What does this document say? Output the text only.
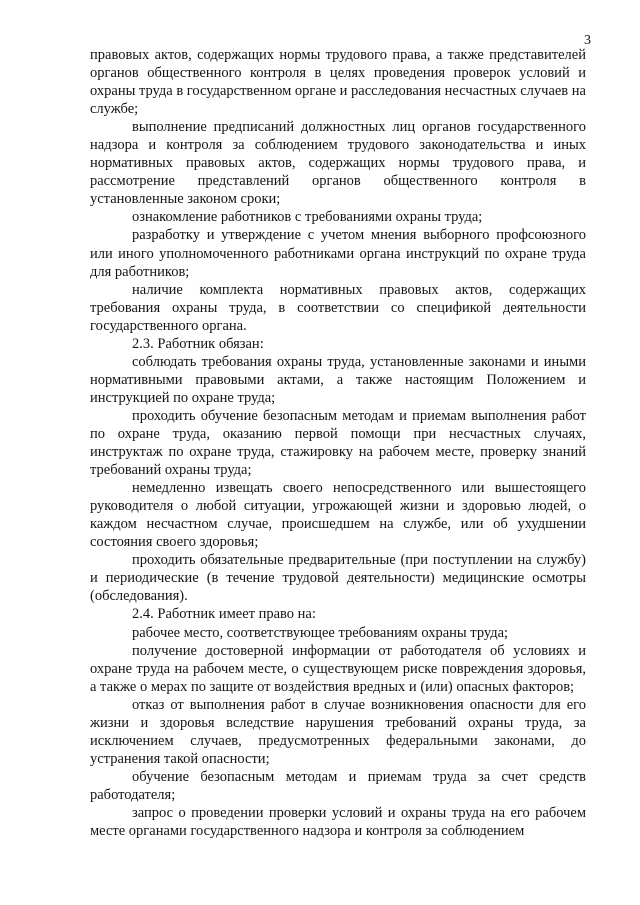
3

правовых актов, содержащих нормы трудового права, а также представителей органов общественного контроля в целях проведения проверок условий и охраны труда в государственном органе и расследования несчастных случаев на службе;

выполнение предписаний должностных лиц органов государственного надзора и контроля за соблюдением трудового законодательства и иных нормативных правовых актов, содержащих нормы трудового права, и рассмотрение представлений органов общественного контроля в установленные законом сроки;

ознакомление работников с требованиями охраны труда;

разработку и утверждение с учетом мнения выборного профсоюзного или иного уполномоченного работниками органа инструкций по охране труда для работников;

наличие комплекта нормативных правовых актов, содержащих требования охраны труда, в соответствии со спецификой деятельности государственного органа.

2.3. Работник обязан:

соблюдать требования охраны труда, установленные законами и иными нормативными правовыми актами, а также настоящим Положением и инструкцией по охране труда;

проходить обучение безопасным методам и приемам выполнения работ по охране труда, оказанию первой помощи при несчастных случаях, инструктаж по охране труда, стажировку на рабочем месте, проверку знаний требований охраны труда;

немедленно извещать своего непосредственного или вышестоящего руководителя о любой ситуации, угрожающей жизни и здоровью людей, о каждом несчастном случае, происшедшем на службе, или об ухудшении состояния своего здоровья;

проходить обязательные предварительные (при поступлении на службу) и периодические (в течение трудовой деятельности) медицинские осмотры (обследования).

2.4. Работник имеет право на:

рабочее место, соответствующее требованиям охраны труда;

получение достоверной информации от работодателя об условиях и охране труда на рабочем месте, о существующем риске повреждения здоровья, а также о мерах по защите от воздействия вредных и (или) опасных факторов;

отказ от выполнения работ в случае возникновения опасности для его жизни и здоровья вследствие нарушения требований охраны труда, за исключением случаев, предусмотренных федеральными законами, до устранения такой опасности;

обучение безопасным методам и приемам труда за счет средств работодателя;

запрос о проведении проверки условий и охраны труда на его рабочем месте органами государственного надзора и контроля за соблюдением
